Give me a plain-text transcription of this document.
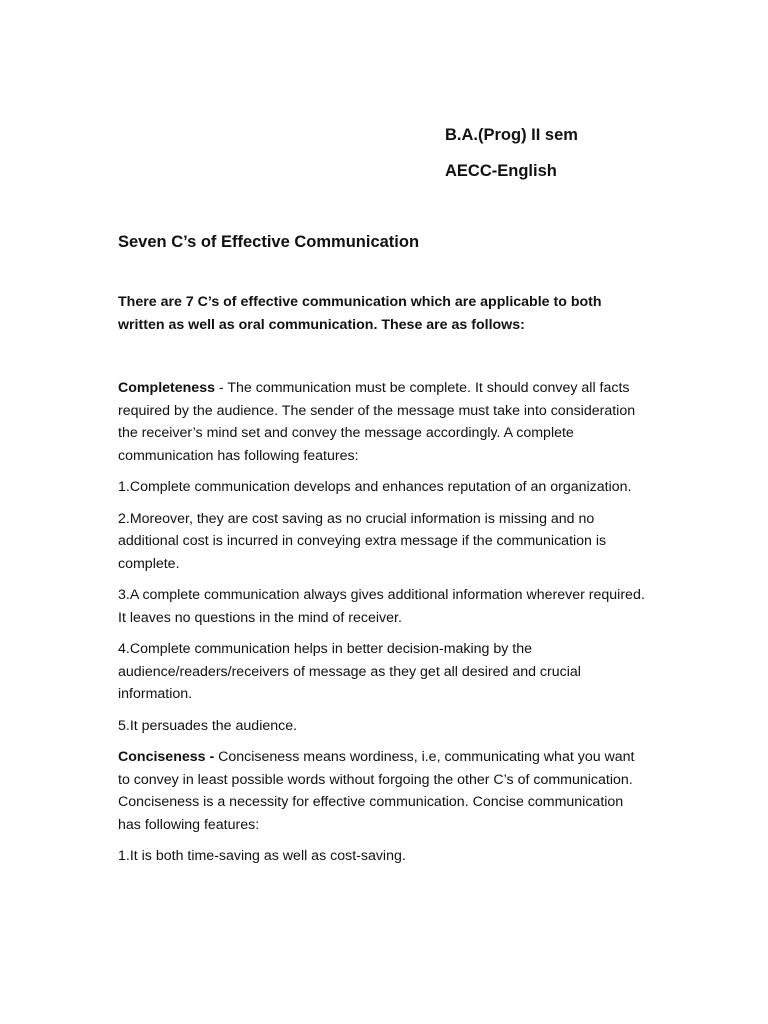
B.A.(Prog) II sem
AECC-English
Seven C’s of Effective Communication
There are 7 C’s of effective communication which are applicable to both written as well as oral communication. These are as follows:

Completeness - The communication must be complete. It should convey all facts required by the audience. The sender of the message must take into consideration the receiver’s mind set and convey the message accordingly. A complete communication has following features:

1.Complete communication develops and enhances reputation of an organization.

2.Moreover, they are cost saving as no crucial information is missing and no additional cost is incurred in conveying extra message if the communication is complete.

3.A complete communication always gives additional information wherever required. It leaves no questions in the mind of receiver.

4.Complete communication helps in better decision-making by the audience/readers/receivers of message as they get all desired and crucial information.

5.It persuades the audience.

Conciseness - Conciseness means wordiness, i.e, communicating what you want to convey in least possible words without forgoing the other C’s of communication. Conciseness is a necessity for effective communication. Concise communication has following features:

1.It is both time-saving as well as cost-saving.
